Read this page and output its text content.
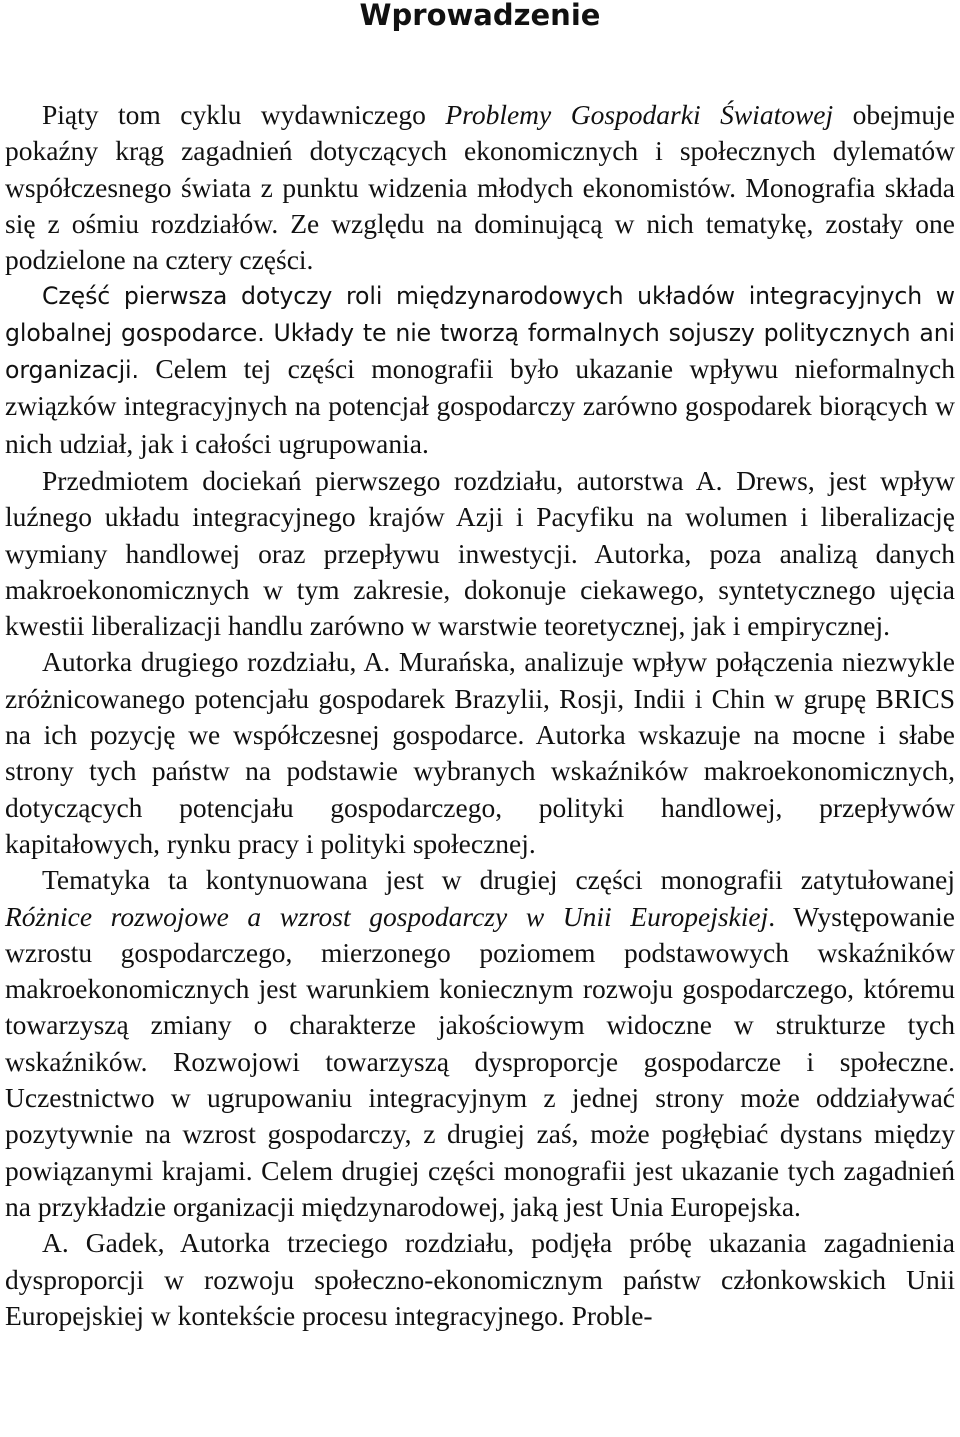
Wprowadzenie

Piąty tom cyklu wydawniczego Problemy Gospodarki Światowej obejmuje pokaźny krąg zagadnień dotyczących ekonomicznych i społecznych dylematów współczesnego świata z punktu widzenia młodych ekonomistów. Monografia składa się z ośmiu rozdziałów. Ze względu na dominującą w nich tematykę, zostały one podzielone na cztery części.

Część pierwsza dotyczy roli międzynarodowych układów integracyjnych w globalnej gospodarce. Układy te nie tworzą formalnych sojuszy politycznych ani organizacji. Celem tej części monografii było ukazanie wpływu nieformalnych związków integracyjnych na potencjał gospodarczy zarówno gospodarek biorących w nich udział, jak i całości ugrupowania.

Przedmiotem dociekań pierwszego rozdziału, autorstwa A. Drews, jest wpływ luźnego układu integracyjnego krajów Azji i Pacyfiku na wolumen i liberalizację wymiany handlowej oraz przepływu inwestycji. Autorka, poza analizą danych makroekonomicznych w tym zakresie, dokonuje ciekawego, syntetycznego ujęcia kwestii liberalizacji handlu zarówno w warstwie teoretycznej, jak i empirycznej.

Autorka drugiego rozdziału, A. Murańska, analizuje wpływ połączenia niezwykle zróżnicowanego potencjału gospodarek Brazylii, Rosji, Indii i Chin w grupę BRICS na ich pozycję we współczesnej gospodarce. Autorka wskazuje na mocne i słabe strony tych państw na podstawie wybranych wskaźników makroekonomicznych, dotyczących potencjału gospodarczego, polityki handlowej, przepływów kapitałowych, rynku pracy i polityki społecznej.

Tematyka ta kontynuowana jest w drugiej części monografii zatytułowanej Różnice rozwojowe a wzrost gospodarczy w Unii Europejskiej. Występowanie wzrostu gospodarczego, mierzonego poziomem podstawowych wskaźników makroekonomicznych jest warunkiem koniecznym rozwoju gospodarczego, któremu towarzyszą zmiany o charakterze jakościowym widoczne w strukturze tych wskaźników. Rozwojowi towarzyszą dysproporcje gospodarcze i społeczne. Uczestnictwo w ugrupowaniu integracyjnym z jednej strony może oddziaływać pozytywnie na wzrost gospodarczy, z drugiej zaś, może pogłębiać dystans między powiązanymi krajami. Celem drugiej części monografii jest ukazanie tych zagadnień na przykładzie organizacji międzynarodowej, jaką jest Unia Europejska.

A. Gadek, Autorka trzeciego rozdziału, podjęła próbę ukazania zagadnienia dysproporcji w rozwoju społeczno-ekonomicznym państw członkowskich Unii Europejskiej w kontekście procesu integracyjnego. Proble-
